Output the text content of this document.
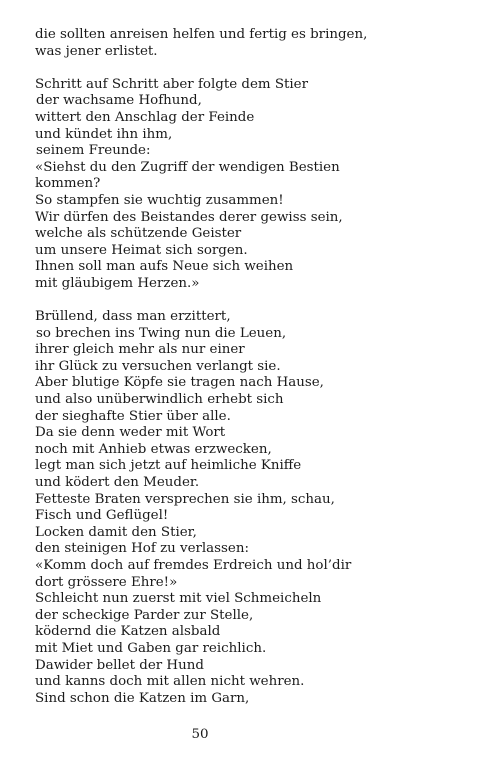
die sollten anreisen helfen und fertig es bringen,
was jener erlistet.
Schritt auf Schritt aber folgte dem Stier
der wachsame Hofhund,
wittert den Anschlag der Feinde
und kündet ihn ihm,
seinem Freunde:
«Siehst du den Zugriff der wendigen Bestien
kommen?
So stampfen sie wuchtig zusammen!
Wir dürfen des Beistandes derer gewiss sein,
welche als schützende Geister
um unsere Heimat sich sorgen.
Ihnen soll man aufs Neue sich weihen
mit gläubigem Herzen.»
Brüllend, dass man erzittert,
so brechen ins Twing nun die Leuen,
ihrer gleich mehr als nur einer
ihr Glück zu versuchen verlangt sie.
Aber blutige Köpfe sie tragen nach Hause,
und also unüberwindlich erhebt sich
der sieghafte Stier über alle.
Da sie denn weder mit Wort
noch mit Anhieb etwas erzwecken,
legt man sich jetzt auf heimliche Kniffe
und ködert den Meuder.
Fetteste Braten versprechen sie ihm, schau,
Fisch und Geflügel!
Locken damit den Stier,
den steinigen Hof zu verlassen:
«Komm doch auf fremdes Erdreich und hol’dir
dort grössere Ehre!»
Schleicht nun zuerst mit viel Schmeicheln
der scheckige Parder zur Stelle,
ködernd die Katzen alsbald
mit Miet und Gaben gar reichlich.
Dawider bellet der Hund
und kanns doch mit allen nicht wehren.
Sind schon die Katzen im Garn,
50
